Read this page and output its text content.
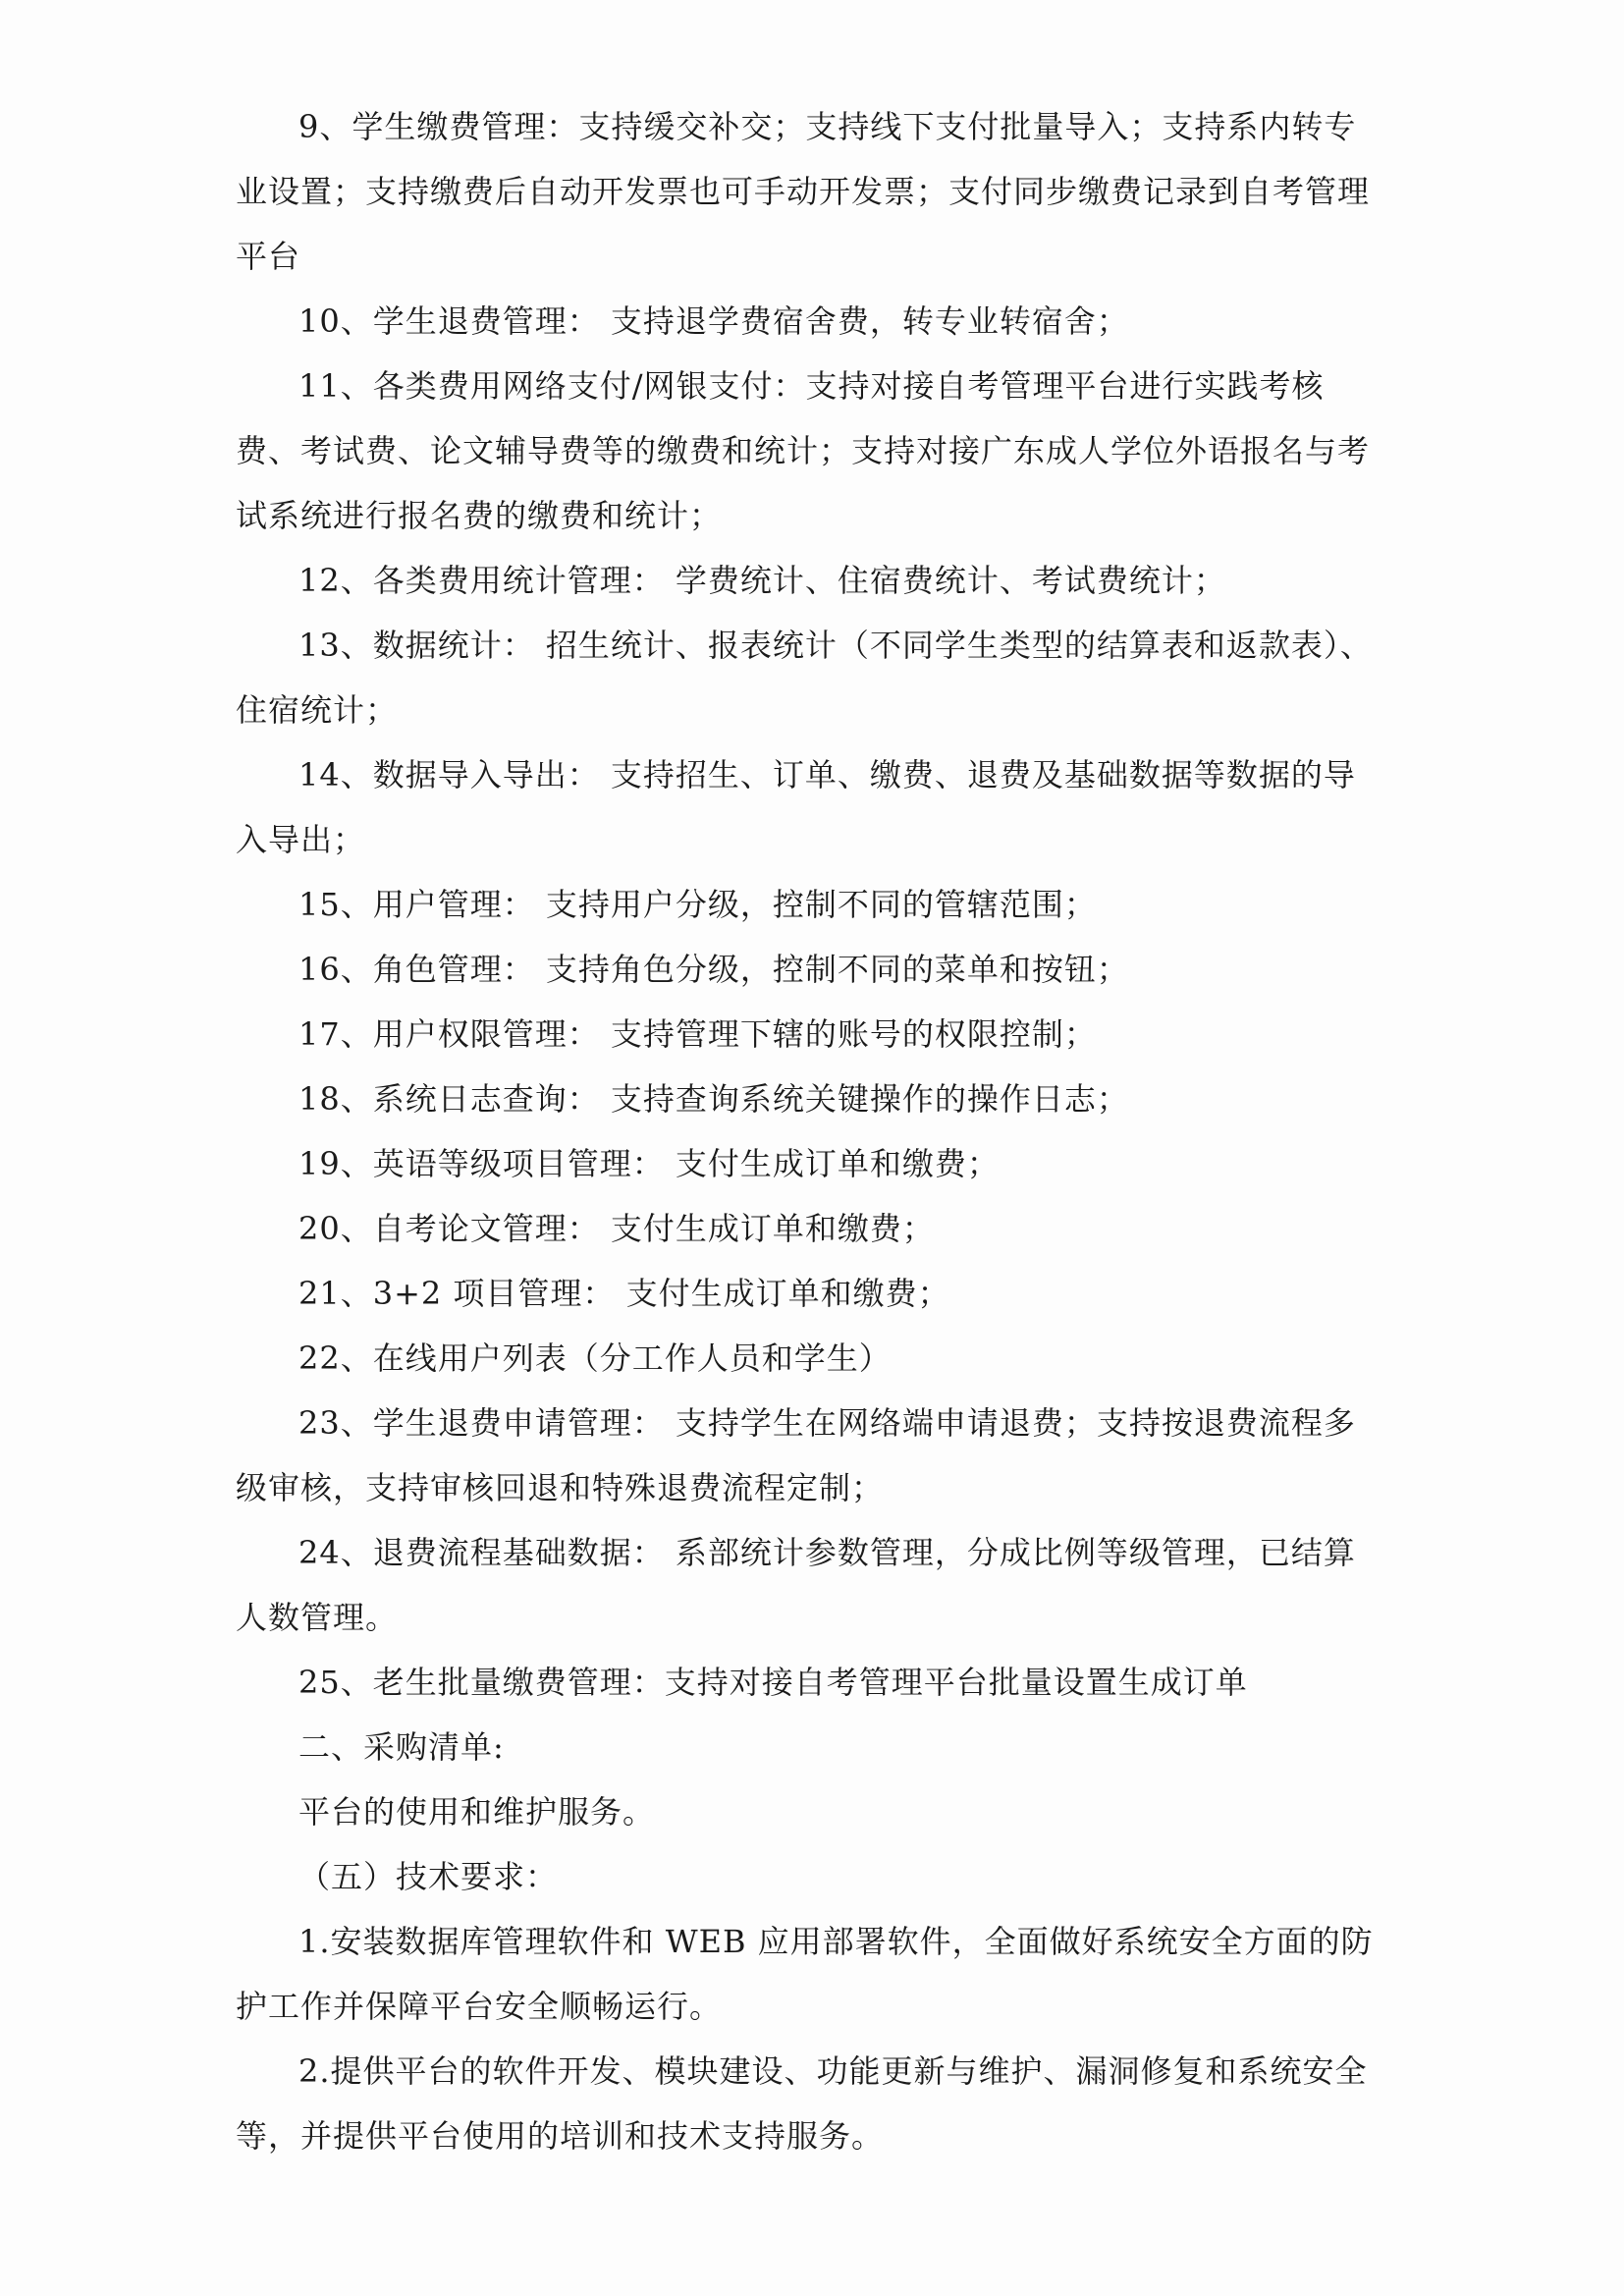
9、学生缴费管理：支持缓交补交；支持线下支付批量导入；支持系内转专业设置；支持缴费后自动开发票也可手动开发票；支付同步缴费记录到自考管理平台

10、学生退费管理： 支持退学费宿舍费，转专业转宿舍；

11、各类费用网络支付/网银支付：支持对接自考管理平台进行实践考核费、考试费、论文辅导费等的缴费和统计；支持对接广东成人学位外语报名与考试系统进行报名费的缴费和统计；

12、各类费用统计管理： 学费统计、住宿费统计、考试费统计；

13、数据统计： 招生统计、报表统计（不同学生类型的结算表和返款表）、住宿统计；

14、数据导入导出： 支持招生、订单、缴费、退费及基础数据等数据的导入导出；

15、用户管理： 支持用户分级，控制不同的管辖范围；

16、角色管理： 支持角色分级，控制不同的菜单和按钮；

17、用户权限管理： 支持管理下辖的账号的权限控制；

18、系统日志查询： 支持查询系统关键操作的操作日志；

19、英语等级项目管理： 支付生成订单和缴费；

20、自考论文管理： 支付生成订单和缴费；

21、3+2 项目管理： 支付生成订单和缴费；

22、在线用户列表（分工作人员和学生）

23、学生退费申请管理： 支持学生在网络端申请退费；支持按退费流程多级审核，支持审核回退和特殊退费流程定制；

24、退费流程基础数据： 系部统计参数管理，分成比例等级管理，已结算人数管理。

25、老生批量缴费管理：支持对接自考管理平台批量设置生成订单

二、采购清单:

平台的使用和维护服务。

（五）技术要求：

1.安装数据库管理软件和 WEB 应用部署软件，全面做好系统安全方面的防护工作并保障平台安全顺畅运行。

2.提供平台的软件开发、模块建设、功能更新与维护、漏洞修复和系统安全等，并提供平台使用的培训和技术支持服务。
